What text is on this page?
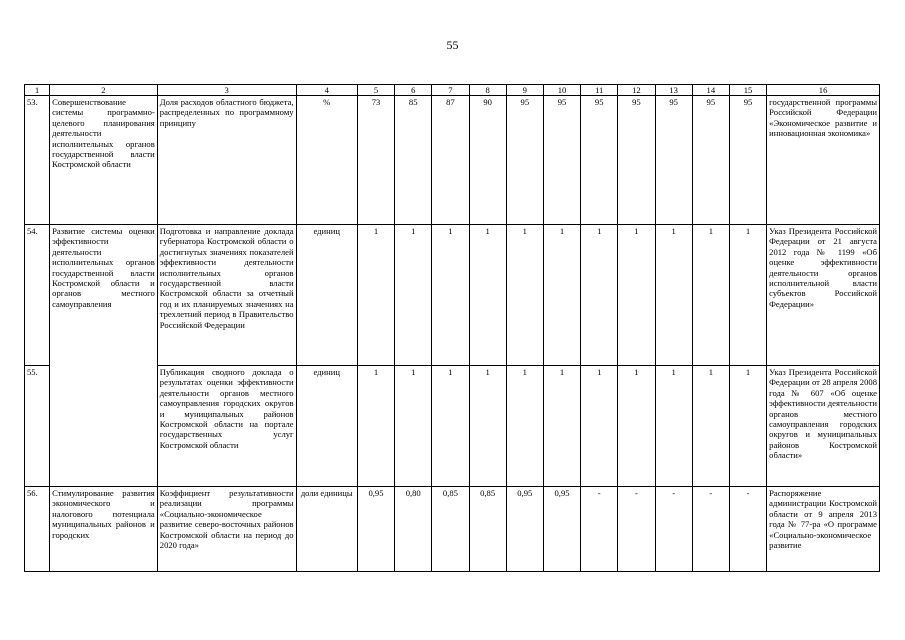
55
1	2	3	4	5	6	7	8	9	10	11	12	13	14	15	16
53.	Совершенствование системы программно-целевого планирования деятельности исполнительных органов государственной власти Костромской области	Доля расходов областного бюджета, распределенных по программному принципу	%	73	85	87	90	95	95	95	95	95	95	95	государственной программы Российской Федерации «Экономическое развитие и инновационная экономика»
54.	Развитие системы оценки эффективности деятельности исполнительных органов государственной власти Костромской области и органов местного самоуправления	Подготовка и направление доклада губернатора Костромской области о достигнутых значениях показателей эффективности деятельности исполнительных органов государственной власти Костромской области за отчетный год и их планируемых значениях на трехлетний период в Правительство Российской Федерации	единиц	1	1	1	1	1	1	1	1	1	1	1	Указ Президента Российской Федерации от 21 августа 2012 года № 1199 «Об оценке эффективности деятельности органов исполнительной власти субъектов Российской Федерации»
55.		Публикация сводного доклада о результатах оценки эффективности деятельности органов местного самоуправления городских округов и муниципальных районов Костромской области на портале государственных услуг Костромской области	единиц	1	1	1	1	1	1	1	1	1	1	1	Указ Президента Российской Федерации от 28 апреля 2008 года № 607 «Об оценке эффективности деятельности органов местного самоуправления городских округов и муниципальных районов Костромской области»
56.	Стимулирование развития экономического и налогового потенциала муниципальных районов и городских	Коэффициент результативности реализации программы «Социально-экономическое развитие северо-восточных районов Костромской области на период до 2020 года»	доли единицы	0,95	0,80	0,85	0,85	0,95	0,95	-	-	-	-	-	Распоряжение администрации Костромской области от 9 апреля 2013 года № 77-ра «О программе «Социально-экономическое развитие
